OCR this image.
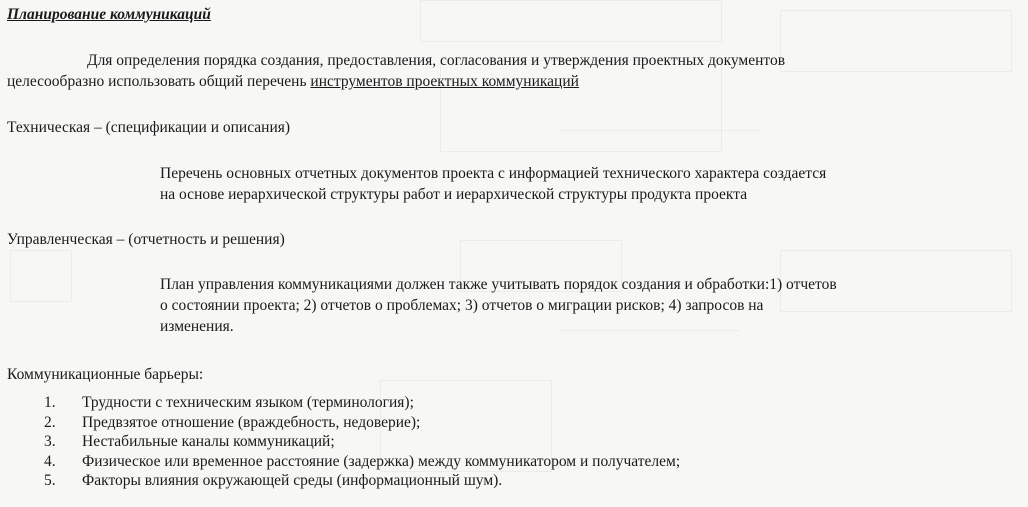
Планирование коммуникаций
Для определения порядка создания, предоставления, согласования и утверждения проектных документов
целесообразно использовать общий перечень инструментов проектных коммуникаций
Техническая – (спецификации и описания)
Перечень основных отчетных документов проекта с информацией технического характера создается
на основе иерархической структуры работ и иерархической структуры продукта проекта
Управленческая – (отчетность и решения)
План управления коммуникациями должен также учитывать порядок создания и обработки:1) отчетов
о состоянии проекта; 2) отчетов о проблемах; 3) отчетов о миграции рисков; 4) запросов на
изменения.
Коммуникационные барьеры:
1.	Трудности с техническим языком (терминология);
2.	Предвзятое отношение (враждебность, недоверие);
3.	Нестабильные каналы коммуникаций;
4.	Физическое или временное расстояние (задержка) между коммуникатором и получателем;
5.	Факторы влияния окружающей среды (информационный шум).
